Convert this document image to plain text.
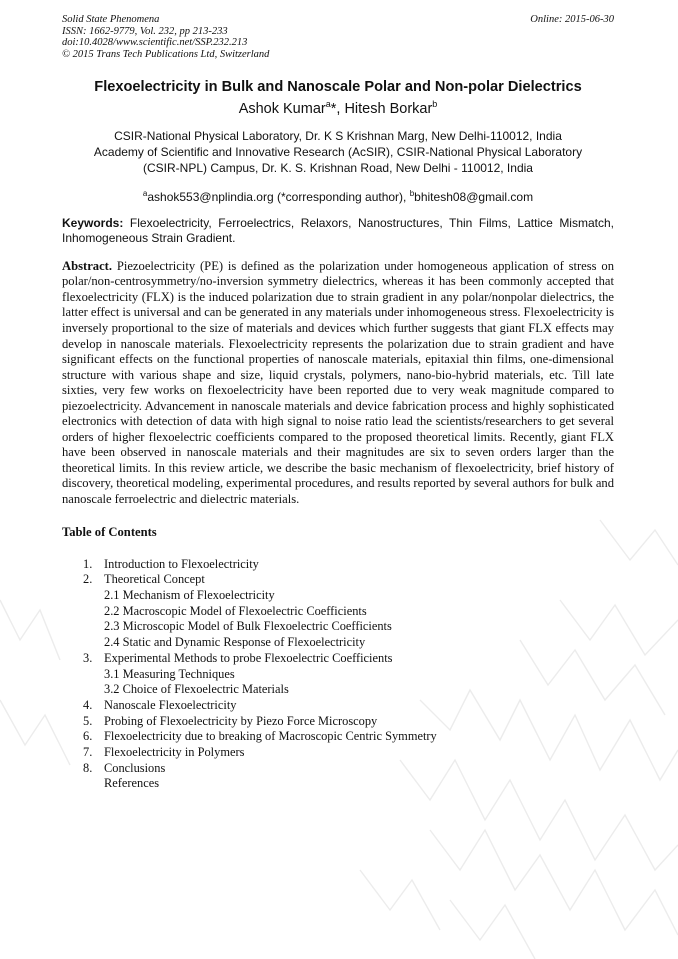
Solid State Phenomena
ISSN: 1662-9779, Vol. 232, pp 213-233
doi:10.4028/www.scientific.net/SSP.232.213
© 2015 Trans Tech Publications Ltd, Switzerland
Online: 2015-06-30
Flexoelectricity in Bulk and Nanoscale Polar and Non-polar Dielectrics
Ashok Kumar$^a$*, Hitesh Borkar$^b$
CSIR-National Physical Laboratory, Dr. K S Krishnan Marg, New Delhi-110012, India
Academy of Scientific and Innovative Research (AcSIR), CSIR-National Physical Laboratory
(CSIR-NPL) Campus, Dr. K. S. Krishnan Road, New Delhi - 110012, India
$^a$ashok553@nplindia.org (*corresponding author), $^b$bhitesh08@gmail.com
Keywords: Flexoelectricity, Ferroelectrics, Relaxors, Nanostructures, Thin Films, Lattice Mismatch, Inhomogeneous Strain Gradient.
Abstract. Piezoelectricity (PE) is defined as the polarization under homogeneous application of stress on polar/non-centrosymmetry/no-inversion symmetry dielectrics, whereas it has been commonly accepted that flexoelectricity (FLX) is the induced polarization due to strain gradient in any polar/nonpolar dielectrics, the latter effect is universal and can be generated in any materials under inhomogeneous stress. Flexoelectricity is inversely proportional to the size of materials and devices which further suggests that giant FLX effects may develop in nanoscale materials. Flexoelectricity represents the polarization due to strain gradient and have significant effects on the functional properties of nanoscale materials, epitaxial thin films, one-dimensional structure with various shape and size, liquid crystals, polymers, nano-bio-hybrid materials, etc. Till late sixties, very few works on flexoelectricity have been reported due to very weak magnitude compared to piezoelectricity. Advancement in nanoscale materials and device fabrication process and highly sophisticated electronics with detection of data with high signal to noise ratio lead the scientists/researchers to get several orders of higher flexoelectric coefficients compared to the proposed theoretical limits. Recently, giant FLX have been observed in nanoscale materials and their magnitudes are six to seven orders larger than the theoretical limits. In this review article, we describe the basic mechanism of flexoelectricity, brief history of discovery, theoretical modeling, experimental procedures, and results reported by several authors for bulk and nanoscale ferroelectric and dielectric materials.
Table of Contents
1. Introduction to Flexoelectricity
2. Theoretical Concept
2.1 Mechanism of Flexoelectricity
2.2 Macroscopic Model of Flexoelectric Coefficients
2.3 Microscopic Model of Bulk Flexoelectric Coefficients
2.4 Static and Dynamic Response of Flexoelectricity
3. Experimental Methods to probe Flexoelectric Coefficients
3.1 Measuring Techniques
3.2 Choice of Flexoelectric Materials
4. Nanoscale Flexoelectricity
5. Probing of Flexoelectricity by Piezo Force Microscopy
6. Flexoelectricity due to breaking of Macroscopic Centric Symmetry
7. Flexoelectricity in Polymers
8. Conclusions
References
